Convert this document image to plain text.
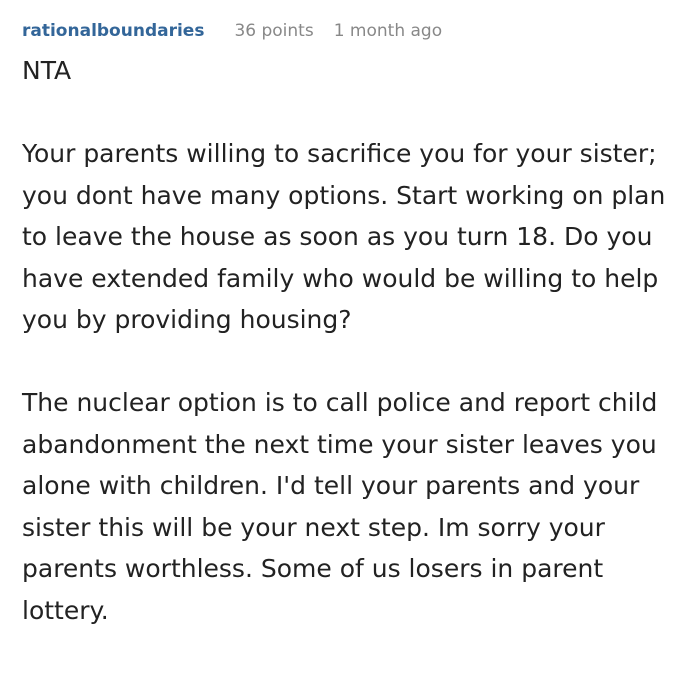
rationalboundaries 36 points 1 month ago

NTA

Your parents willing to sacrifice you for your sister; you dont have many options. Start working on plan to leave the house as soon as you turn 18. Do you have extended family who would be willing to help you by providing housing?

The nuclear option is to call police and report child abandonment the next time your sister leaves you alone with children. I'd tell your parents and your sister this will be your next step. Im sorry your parents worthless. Some of us losers in parent lottery.
